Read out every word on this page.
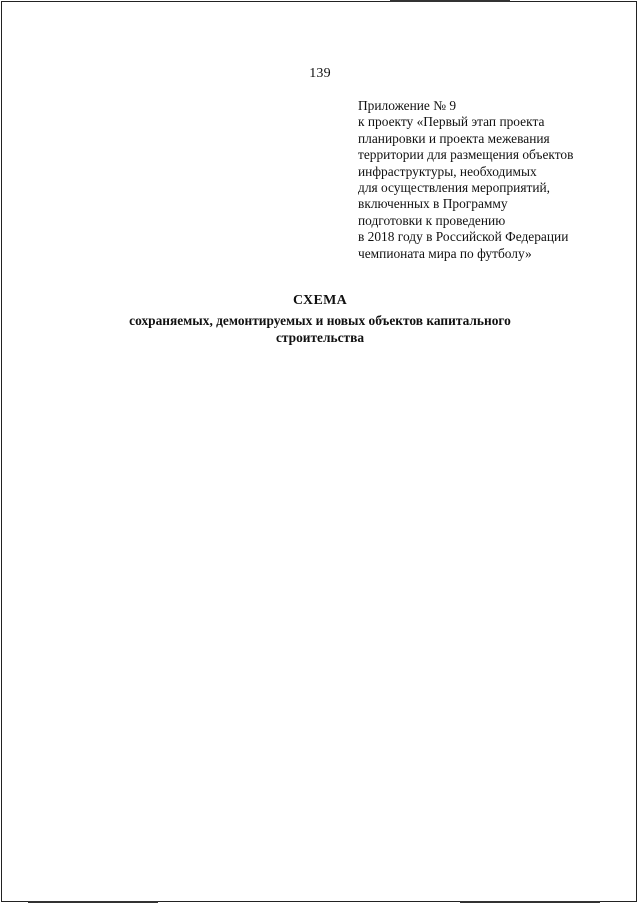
139
Приложение № 9
к проекту «Первый этап проекта
планировки и проекта межевания
территории для размещения объектов
инфраструктуры, необходимых
для осуществления мероприятий,
включенных в Программу
подготовки к проведению
в 2018 году в Российской Федерации
чемпионата мира по футболу»
СХЕМА
сохраняемых, демонтируемых и новых объектов капитального
строительства
